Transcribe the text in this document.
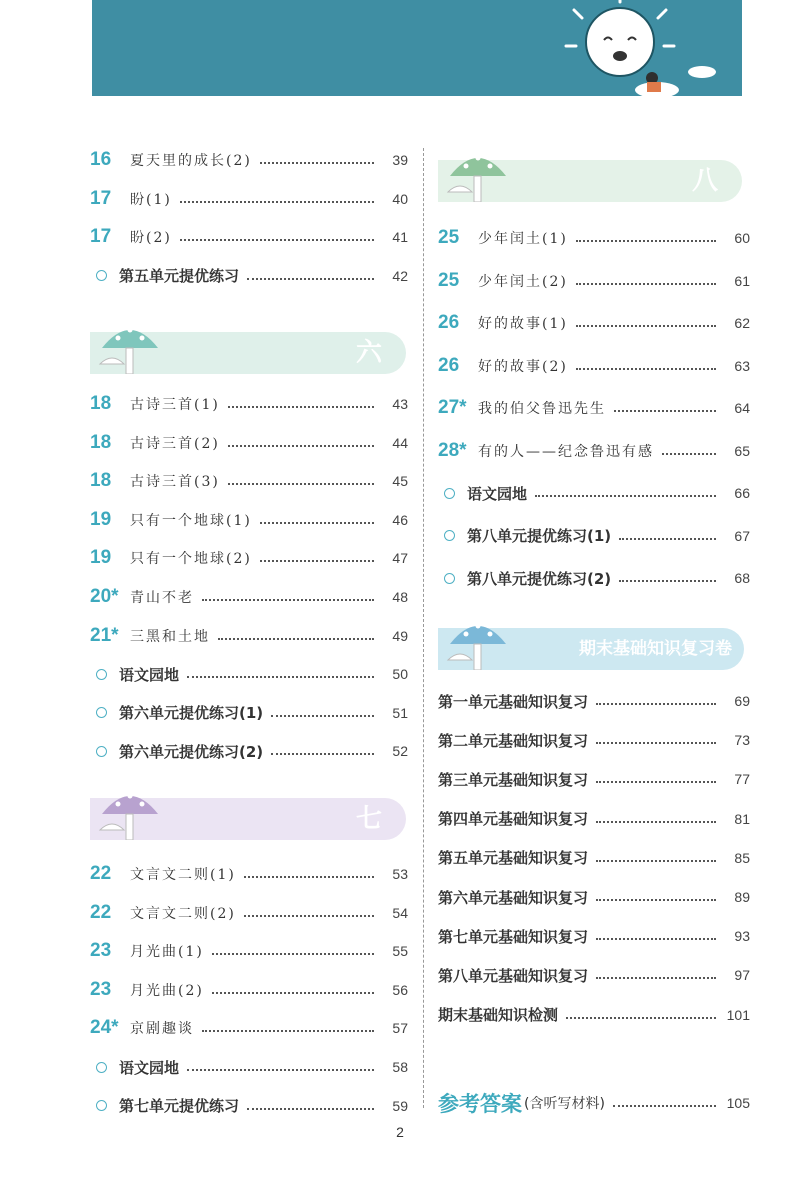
16	夏天里的成长(2)	39
17	盼(1)	40
17	盼(2)	41
第五单元提优练习	42
六
18	古诗三首(1)	43
18	古诗三首(2)	44
18	古诗三首(3)	45
19	只有一个地球(1)	46
19	只有一个地球(2)	47
20* 青山不老	48
21* 三黑和土地	49
语文园地	50
第六单元提优练习(1)	51
第六单元提优练习(2)	52
七
22	文言文二则(1)	53
22	文言文二则(2)	54
23	月光曲(1)	55
23	月光曲(2)	56
24* 京剧趣谈	57
语文园地	58
第七单元提优练习	59
八
25	少年闰土(1)	60
25	少年闰土(2)	61
26	好的故事(1)	62
26	好的故事(2)	63
27* 我的伯父鲁迅先生	64
28* 有的人——纪念鲁迅有感	65
语文园地	66
第八单元提优练习(1)	67
第八单元提优练习(2)	68
期末基础知识复习卷
第一单元基础知识复习	69
第二单元基础知识复习	73
第三单元基础知识复习	77
第四单元基础知识复习	81
第五单元基础知识复习	85
第六单元基础知识复习	89
第七单元基础知识复习	93
第八单元基础知识复习	97
期末基础知识检测	101
参考答案 (含听写材料)	105
2
